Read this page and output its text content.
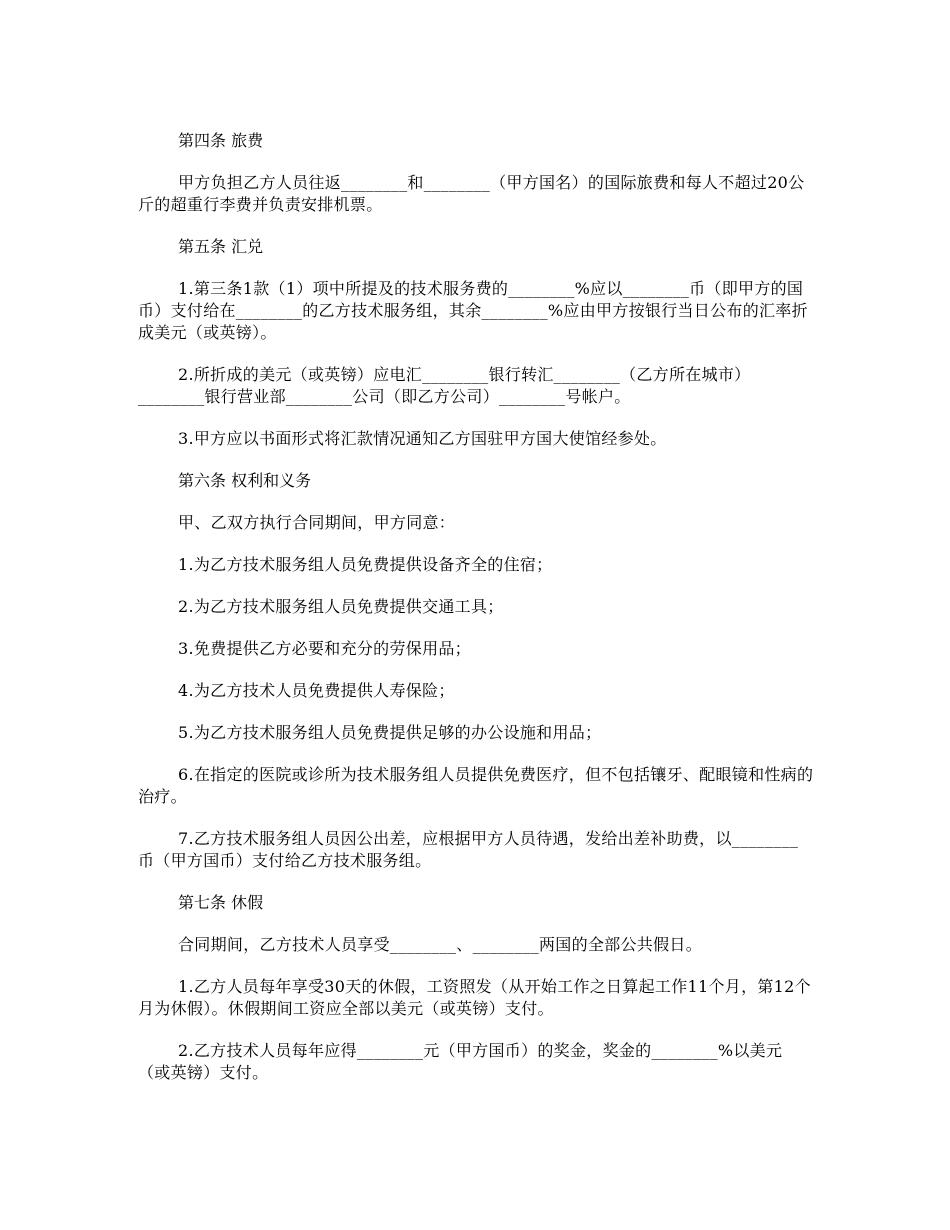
第四条 旅费

甲方负担乙方人员往返________和________（甲方国名）的国际旅费和每人不超过20公斤的超重行李费并负责安排机票。

第五条 汇兑

1.第三条1款（1）项中所提及的技术服务费的________%应以________币（即甲方的国币）支付给在________的乙方技术服务组，其余________%应由甲方按银行当日公布的汇率折成美元（或英镑）。

2.所折成的美元（或英镑）应电汇________银行转汇________（乙方所在城市）________银行营业部________公司（即乙方公司）________号帐户。

3.甲方应以书面形式将汇款情况通知乙方国驻甲方国大使馆经参处。

第六条 权利和义务

甲、乙双方执行合同期间，甲方同意：

1.为乙方技术服务组人员免费提供设备齐全的住宿；

2.为乙方技术服务组人员免费提供交通工具；

3.免费提供乙方必要和充分的劳保用品；

4.为乙方技术人员免费提供人寿保险；

5.为乙方技术服务组人员免费提供足够的办公设施和用品；

6.在指定的医院或诊所为技术服务组人员提供免费医疗，但不包括镶牙、配眼镜和性病的治疗。

7.乙方技术服务组人员因公出差，应根据甲方人员待遇，发给出差补助费，以________币（甲方国币）支付给乙方技术服务组。

第七条 休假

合同期间，乙方技术人员享受________、________两国的全部公共假日。

1.乙方人员每年享受30天的休假，工资照发（从开始工作之日算起工作11个月，第12个月为休假）。休假期间工资应全部以美元（或英镑）支付。

2.乙方技术人员每年应得________元（甲方国币）的奖金，奖金的________%以美元（或英镑）支付。
